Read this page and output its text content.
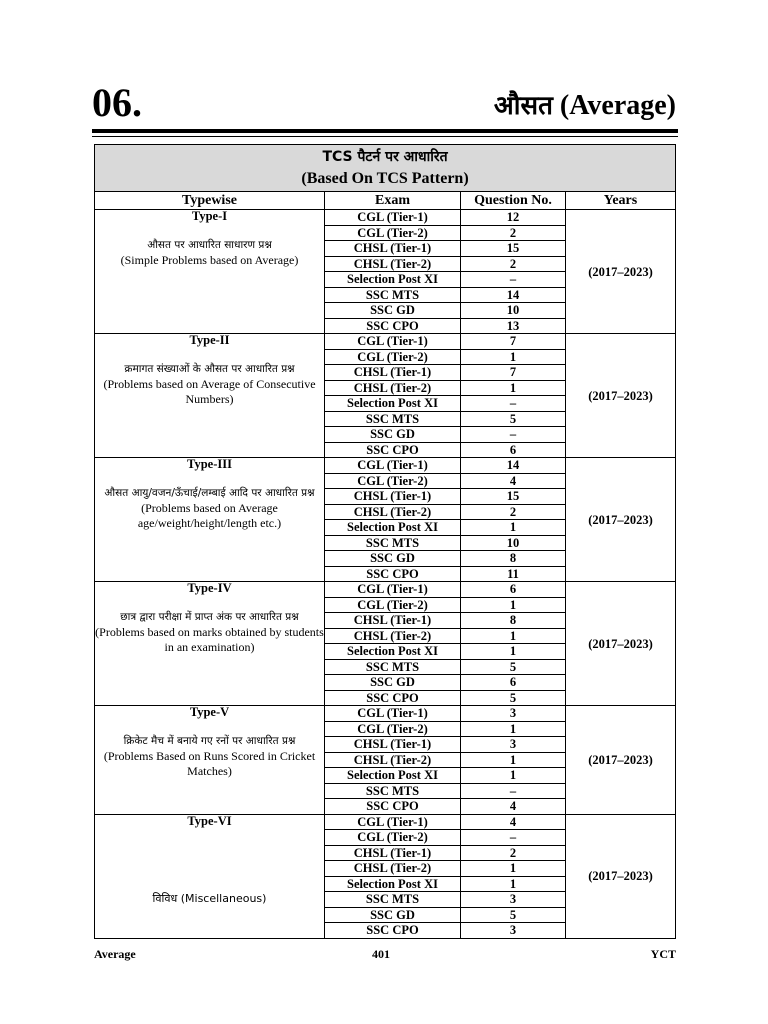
06.	औसत (Average)
TCS पैटर्न पर आधारित
(Based On TCS Pattern)			
Typewise	Exam	Question No.	Years

Type-I
औसत पर आधारित साधारण प्रश्न
(Simple Problems based on Average)	CGL (Tier-1)	12	(2017–2023)
	CGL (Tier-2)	2	
	CHSL (Tier-1)	15	
	CHSL (Tier-2)	2	
	Selection Post XI	–	
	SSC MTS	14	
	SSC GD	10	
	SSC CPO	13	

Type-II
क्रमागत संख्याओं के औसत पर आधारित प्रश्न
(Problems based on Average of Consecutive Numbers)	CGL (Tier-1)	7	(2017–2023)
	CGL (Tier-2)	1	
	CHSL (Tier-1)	7	
	CHSL (Tier-2)	1	
	Selection Post XI	–	
	SSC MTS	5	
	SSC GD	–	
	SSC CPO	6	

Type-III
औसत आयु/वजन/ऊँचाई/लम्बाई आदि पर आधारित प्रश्न
(Problems based on Average age/weight/height/length etc.)	CGL (Tier-1)	14	(2017–2023)
	CGL (Tier-2)	4	
	CHSL (Tier-1)	15	
	CHSL (Tier-2)	2	
	Selection Post XI	1	
	SSC MTS	10	
	SSC GD	8	
	SSC CPO	11	

Type-IV
छात्र द्वारा परीक्षा में प्राप्त अंक पर आधारित प्रश्न
(Problems based on marks obtained by students in an examination)	CGL (Tier-1)	6	(2017–2023)
	CGL (Tier-2)	1	
	CHSL (Tier-1)	8	
	CHSL (Tier-2)	1	
	Selection Post XI	1	
	SSC MTS	5	
	SSC GD	6	
	SSC CPO	5	

Type-V
क्रिकेट मैच में बनाये गए रनों पर आधारित प्रश्न
(Problems Based on Runs Scored in Cricket Matches)	CGL (Tier-1)	3	(2017–2023)
	CGL (Tier-2)	1	
	CHSL (Tier-1)	3	
	CHSL (Tier-2)	1	
	Selection Post XI	1	
	SSC MTS	–	
	SSC CPO	4	

Type-VI
विविध (Miscellaneous)	CGL (Tier-1)	4	(2017–2023)
	CGL (Tier-2)	–	
	CHSL (Tier-1)	2	
	CHSL (Tier-2)	1	
	Selection Post XI	1	
	SSC MTS	3	
	SSC GD	5	
	SSC CPO	3	
Average	401	YCT
